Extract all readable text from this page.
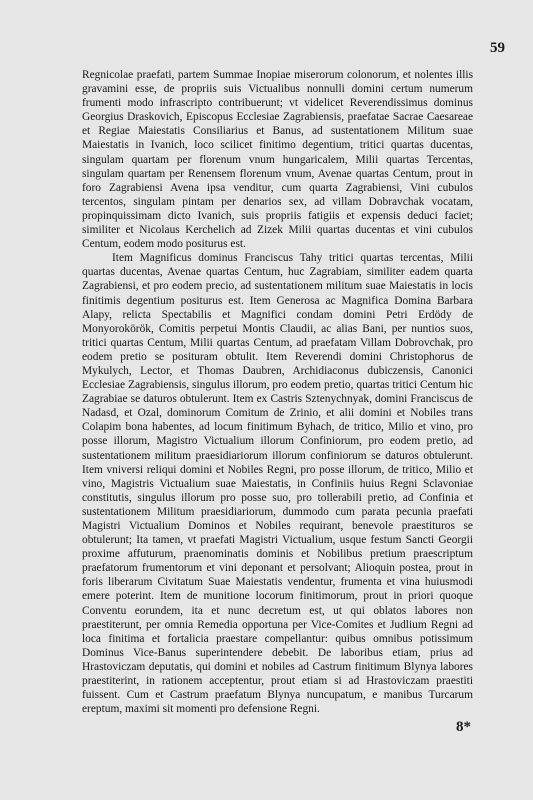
59

Regnicolae praefati, partem Summae Inopiae miserorum colonorum, et nolentes illis gravamini esse, de propriis suis Victualibus nonnulli domini certum numerum frumenti modo infrascripto contribuerunt; vt videlicet Reverendissimus dominus Georgius Draskovich, Episcopus Ecclesiae Zagrabiensis, praefatae Sacrae Caesareae et Regiae Maiestatis Consiliarius et Banus, ad sustentationem Militum suae Maiestatis in Ivanich, loco scilicet finitimo degentium, tritici quartas ducentas, singulam quartam per florenum vnum hungaricalem, Milii quartas Tercentas, singulam quartam per Renensem florenum vnum, Avenae quartas Centum, prout in foro Zagrabiensi Avena ipsa venditur, cum quarta Zagrabiensi, Vini cubulos tercentos, singulam pintam per denarios sex, ad villam Dobravchak vocatam, propinquissimam dicto Ivanich, suis propriis fatigiis et expensis deduci faciet; similiter et Nicolaus Kerchelich ad Zizek Milii quartas ducentas et vini cubulos Centum, eodem modo positurus est.

Item Magnificus dominus Franciscus Tahy tritici quartas tercentas, Milii quartas ducentas, Avenae quartas Centum, huc Zagrabiam, similiter eadem quarta Zagrabiensi, et pro eodem precio, ad sustentationem militum suae Maiestatis in locis finitimis degentium positurus est. Item Generosa ac Magnifica Domina Barbara Alapy, relicta Spectabilis et Magnifici condam domini Petri Erdödy de Monyorokörök, Comitis perpetui Montis Claudii, ac alias Bani, per nuntios suos, tritici quartas Centum, Milii quartas Centum, ad praefatam Villam Dobrovchak, pro eodem pretio se posituram obtulit. Item Reverendi domini Christophorus de Mykulych, Lector, et Thomas Daubren, Archidiaconus dubiczensis, Canonici Ecclesiae Zagrabiensis, singulus illorum, pro eodem pretio, quartas tritici Centum hic Zagrabiae se daturos obtulerunt. Item ex Castris Sztenychnyak, domini Franciscus de Nadasd, et Ozal, dominorum Comitum de Zrinio, et alii domini et Nobiles trans Colapim bona habentes, ad locum finitimum Byhach, de tritico, Milio et vino, pro posse illorum, Magistro Victualium illorum Confiniorum, pro eodem pretio, ad sustentationem militum praesidiariorum illorum confiniorum se daturos obtulerunt. Item vniversi reliqui domini et Nobiles Regni, pro posse illorum, de tritico, Milio et vino, Magistris Victualium suae Maiestatis, in Confiniis huius Regni Sclavoniae constitutis, singulus illorum pro posse suo, pro tollerabili pretio, ad Confinia et sustentationem Militum praesidiariorum, dummodo cum parata pecunia praefati Magistri Victualium Dominos et Nobiles requirant, benevole praestituros se obtulerunt; Ita tamen, vt praefati Magistri Victualium, usque festum Sancti Georgii proxime affuturum, praenominatis dominis et Nobilibus pretium praescriptum praefatorum frumentorum et vini deponant et persolvant; Alioquin postea, prout in foris liberarum Civitatum Suae Maiestatis vendentur, frumenta et vina huiusmodi emere poterint. Item de munitione locorum finitimorum, prout in priori quoque Conventu eorundem, ita et nunc decretum est, ut qui oblatos labores non praestiterunt, per omnia Remedia opportuna per Vice-Comites et Judlium Regni ad loca finitima et fortalicia praestare compellantur: quibus omnibus potissimum Dominus Vice-Banus superintendere debebit. De laboribus etiam, prius ad Hrastoviczam deputatis, qui domini et nobiles ad Castrum finitimum Blynya labores praestiterint, in rationem acceptentur, prout etiam si ad Hrastoviczam praestiti fuissent. Cum et Castrum praefatum Blynya nuncupatum, e manibus Turcarum ereptum, maximi sit momenti pro defensione Regni.

8*
